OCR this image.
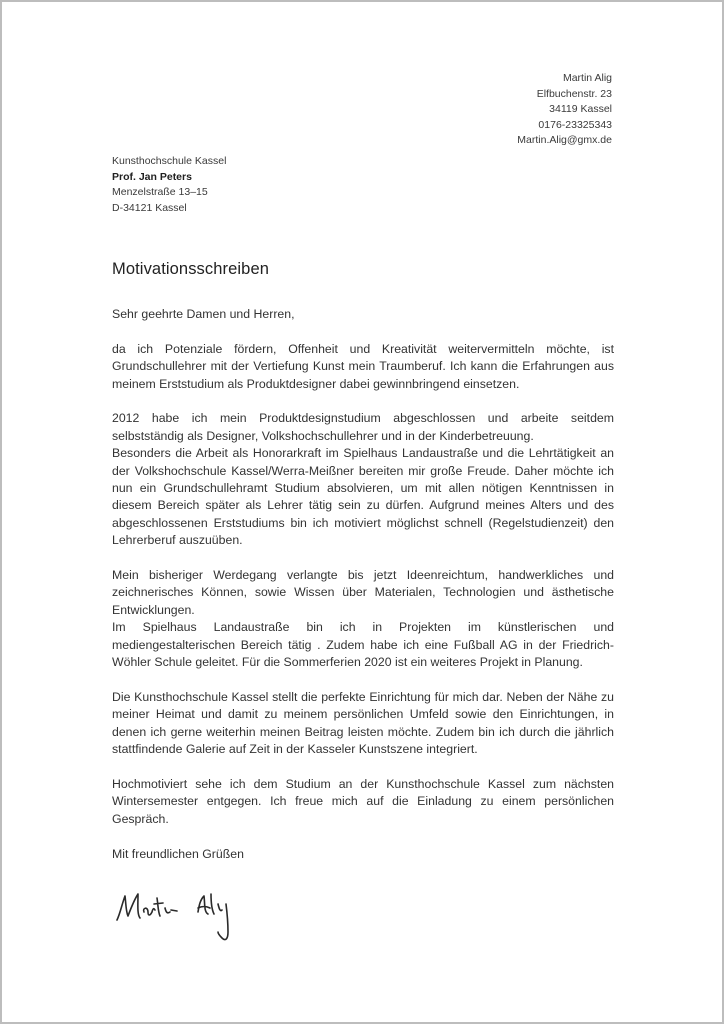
Martin Alig
Elfbuchenstr. 23
34119 Kassel
0176-23325343
Martin.Alig@gmx.de
Kunsthochschule Kassel
Prof. Jan Peters
Menzelstraße 13–15
D-34121 Kassel
Motivationsschreiben

Sehr geehrte Damen und Herren,

da ich Potenziale fördern, Offenheit und Kreativität weitervermitteln möchte, ist Grundschullehrer mit der Vertiefung Kunst mein Traumberuf. Ich kann die Erfahrungen aus meinem Erststudium als Produktdesigner dabei gewinnbringend einsetzen.

2012 habe ich mein Produktdesignstudium abgeschlossen und arbeite seitdem selbstständig als Designer, Volkshochschullehrer und in der Kinderbetreuung.
Besonders die Arbeit als Honorarkraft im Spielhaus Landaustraße und die Lehrtätigkeit an der Volkshochschule Kassel/Werra-Meißner bereiten mir große Freude. Daher möchte ich nun ein Grundschullehramt Studium absolvieren, um mit allen nötigen Kenntnissen in diesem Bereich später als Lehrer tätig sein zu dürfen. Aufgrund meines Alters und des abgeschlossenen Erststudiums bin ich motiviert möglichst schnell (Regelstudienzeit) den Lehrerberuf auszuüben.

Mein bisheriger Werdegang verlangte bis jetzt Ideenreichtum, handwerkliches und zeichnerisches Können, sowie Wissen über Materialen, Technologien und ästhetische Entwicklungen.
Im Spielhaus Landaustraße bin ich in Projekten im künstlerischen und mediengestalterischen Bereich tätig . Zudem habe ich eine Fußball AG in der Friedrich-Wöhler Schule geleitet. Für die Sommerferien 2020 ist ein weiteres Projekt in Planung.

Die Kunsthochschule Kassel stellt die perfekte Einrichtung für mich dar. Neben der Nähe zu meiner Heimat und damit zu meinem persönlichen Umfeld sowie den Einrichtungen, in denen ich gerne weiterhin meinen Beitrag leisten möchte. Zudem bin ich durch die jährlich stattfindende Galerie auf Zeit in der Kasseler Kunstszene integriert.

Hochmotiviert sehe ich dem Studium an der Kunsthochschule Kassel zum nächsten Wintersemester entgegen. Ich freue mich auf die Einladung zu einem persönlichen Gespräch.

Mit freundlichen Grüßen
